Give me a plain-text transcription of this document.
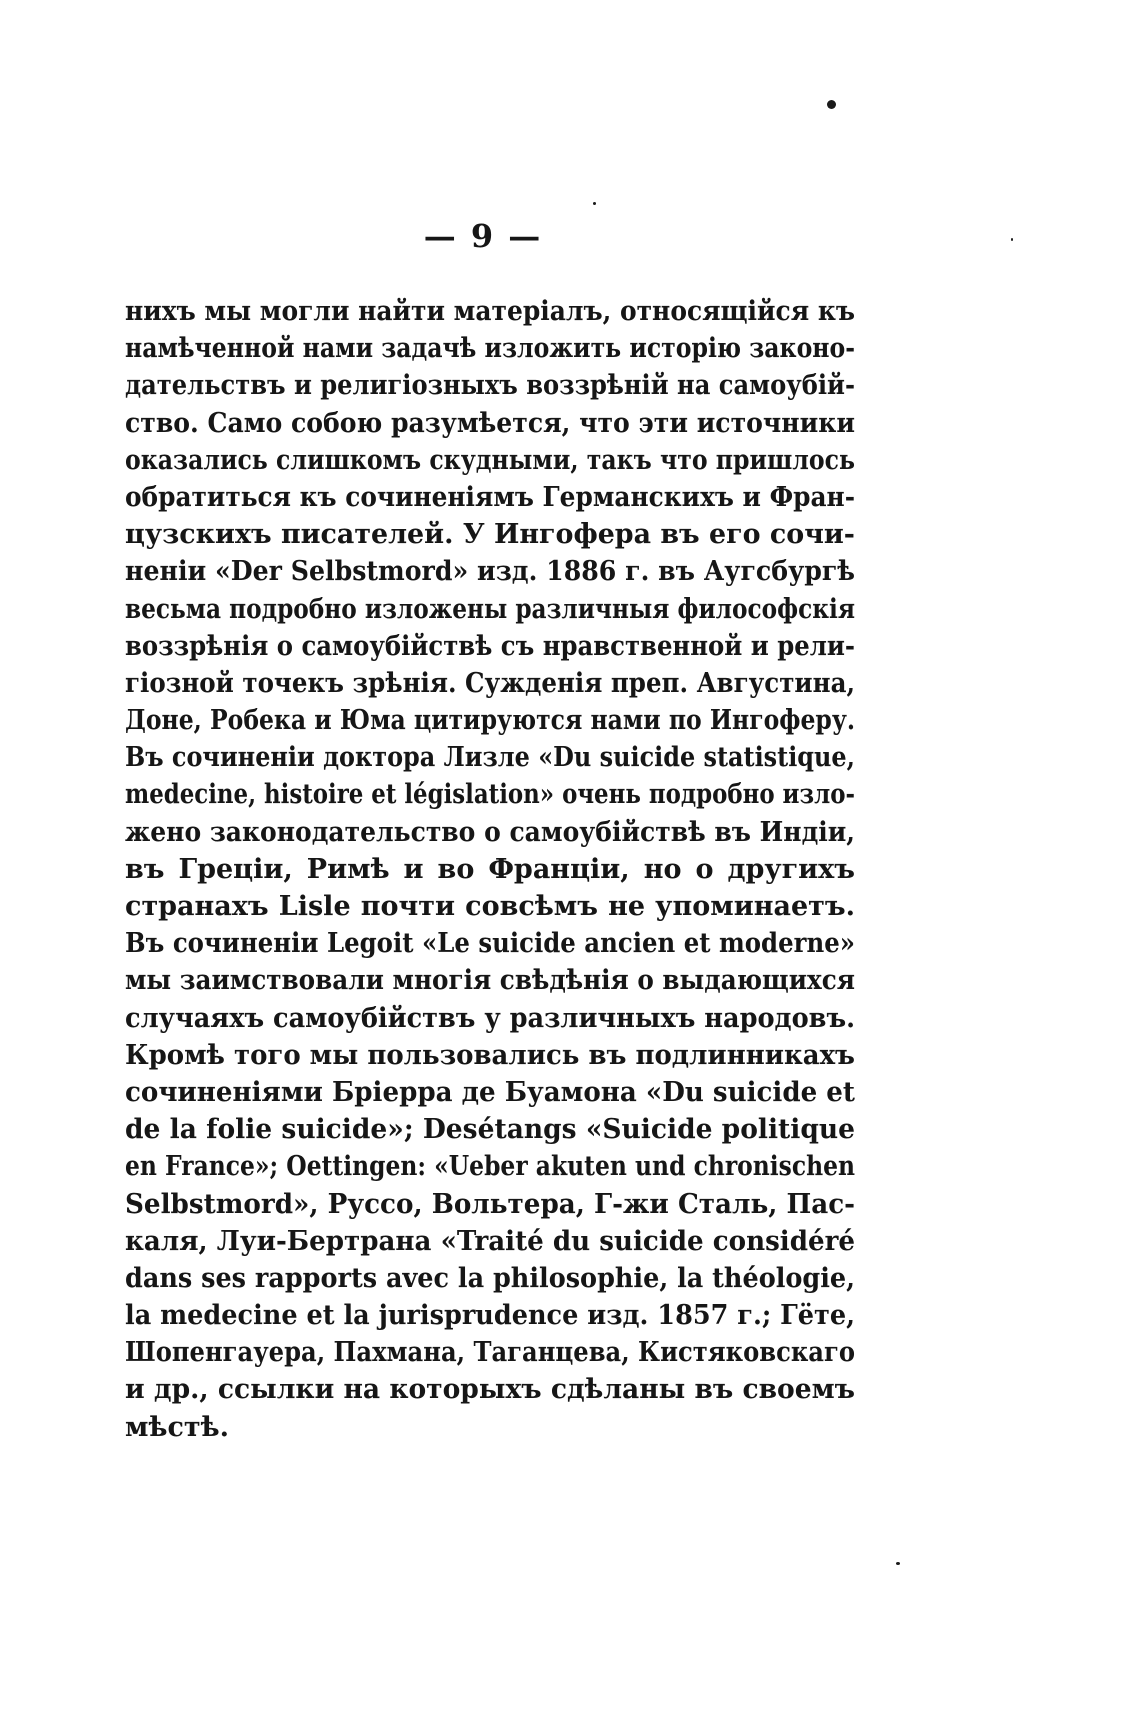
— 9 —
нихъ мы могли найти матеріалъ, относящійся къ
намѣченной нами задачѣ изложить исторію законо-
дательствъ и религіозныхъ воззрѣній на самоубій-
ство. Само собою разумѣется, что эти источники
оказались слишкомъ скудными, такъ что пришлось
обратиться къ сочиненіямъ Германскихъ и Фран-
цузскихъ писателей. У Ингофера въ его сочи-
неніи «Der Selbstmord» изд. 1886 г. въ Аугсбургѣ
весьма подробно изложены различныя философскія
воззрѣнія о самоубійствѣ съ нравственной и рели-
гіозной точекъ зрѣнія. Сужденія преп. Августина,
Доне, Робека и Юма цитируются нами по Ингоферу.
Въ сочиненіи доктора Лизле «Du suicide statistique,
medecine, histoire et législation» очень подробно изло-
жено законодательство о самоубійствѣ въ Индіи,
въ Греціи, Римѣ и во Франціи, но о другихъ
странахъ Lisle почти совсѣмъ не упоминаетъ.
Въ сочиненіи Legoit «Le suicide ancien et moderne»
мы заимствовали многія свѣдѣнія о выдающихся
случаяхъ самоубійствъ у различныхъ народовъ.
Кромѣ того мы пользовались въ подлинникахъ
сочиненіями Бріерра де Буамона «Du suicide et
de la folie suicide»; Desétangs «Suicide politique
en France»; Oettingen: «Ueber akuten und chronischen
Selbstmord», Руссо, Вольтера, Г-жи Сталь, Пас-
каля, Луи-Бертрана «Traité du suicide considéré
dans ses rapports avec la philosophie, la théologie,
la medecine et la jurisprudence изд. 1857 г.; Гёте,
Шопенгауера, Пахмана, Таганцева, Кистяковскаго
и др., ссылки на которыхъ сдѣланы въ своемъ
мѣстѣ.
